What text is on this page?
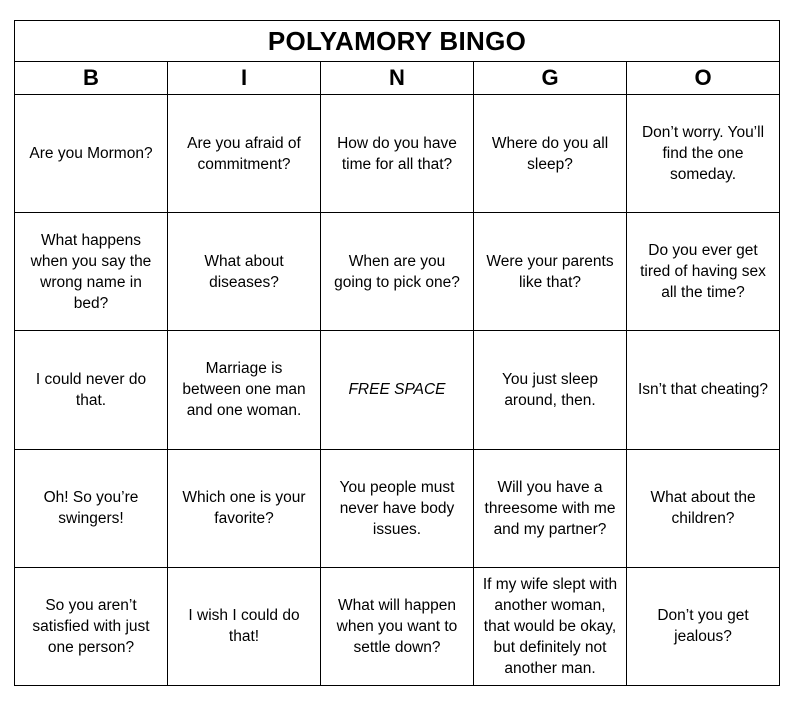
POLYAMORY BINGO				
B	I	N	G	O
Are you Mormon?	Are you afraid of commitment?	How do you have time for all that?	Where do you all sleep?	Don’t worry. You’ll find the one someday.
What happens when you say the wrong name in bed?	What about diseases?	When are you going to pick one?	Were your parents like that?	Do you ever get tired of having sex all the time?
I could never do that.	Marriage is between one man and one woman.	FREE SPACE	You just sleep around, then.	Isn’t that cheating?
Oh! So you’re swingers!	Which one is your favorite?	You people must never have body issues.	Will you have a threesome with me and my partner?	What about the children?
So you aren’t satisfied with just one person?	I wish I could do that!	What will happen when you want to settle down?	If my wife slept with another woman, that would be okay, but definitely not another man.	Don’t you get jealous?
